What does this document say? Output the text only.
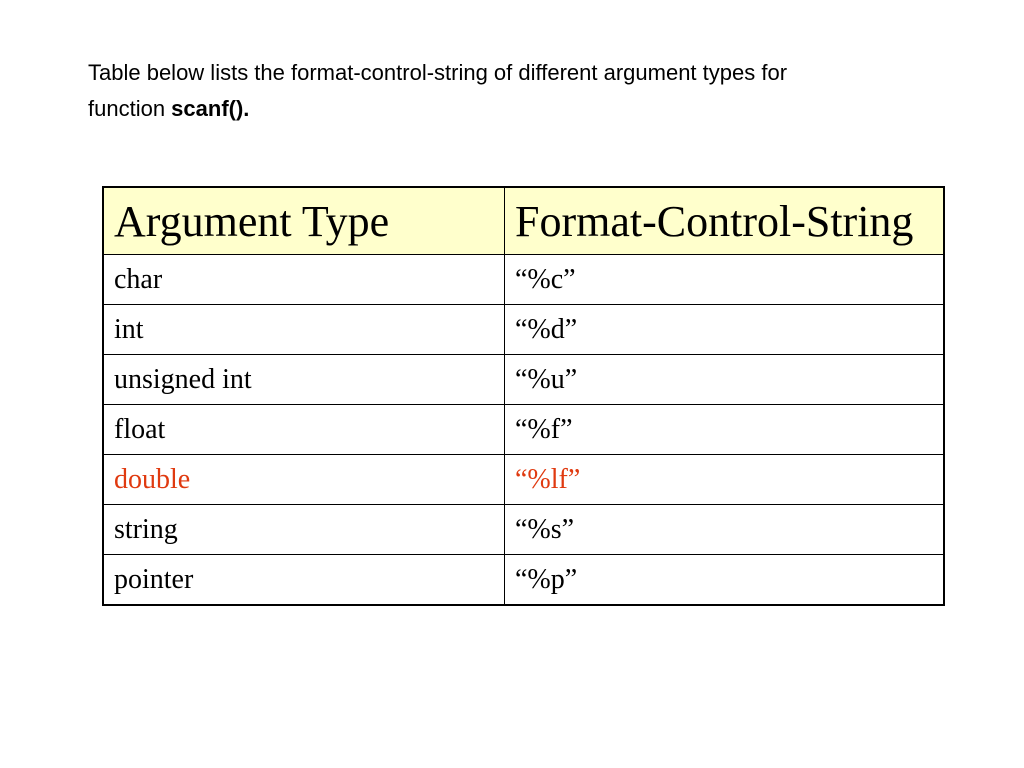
Table below lists the format-control-string of different argument types for

function scanf().

Argument Type	Format-Control-String
char	“%c”
int	“%d”
unsigned int	“%u”
float	“%f”
double	“%lf”
string	“%s”
pointer	“%p”
